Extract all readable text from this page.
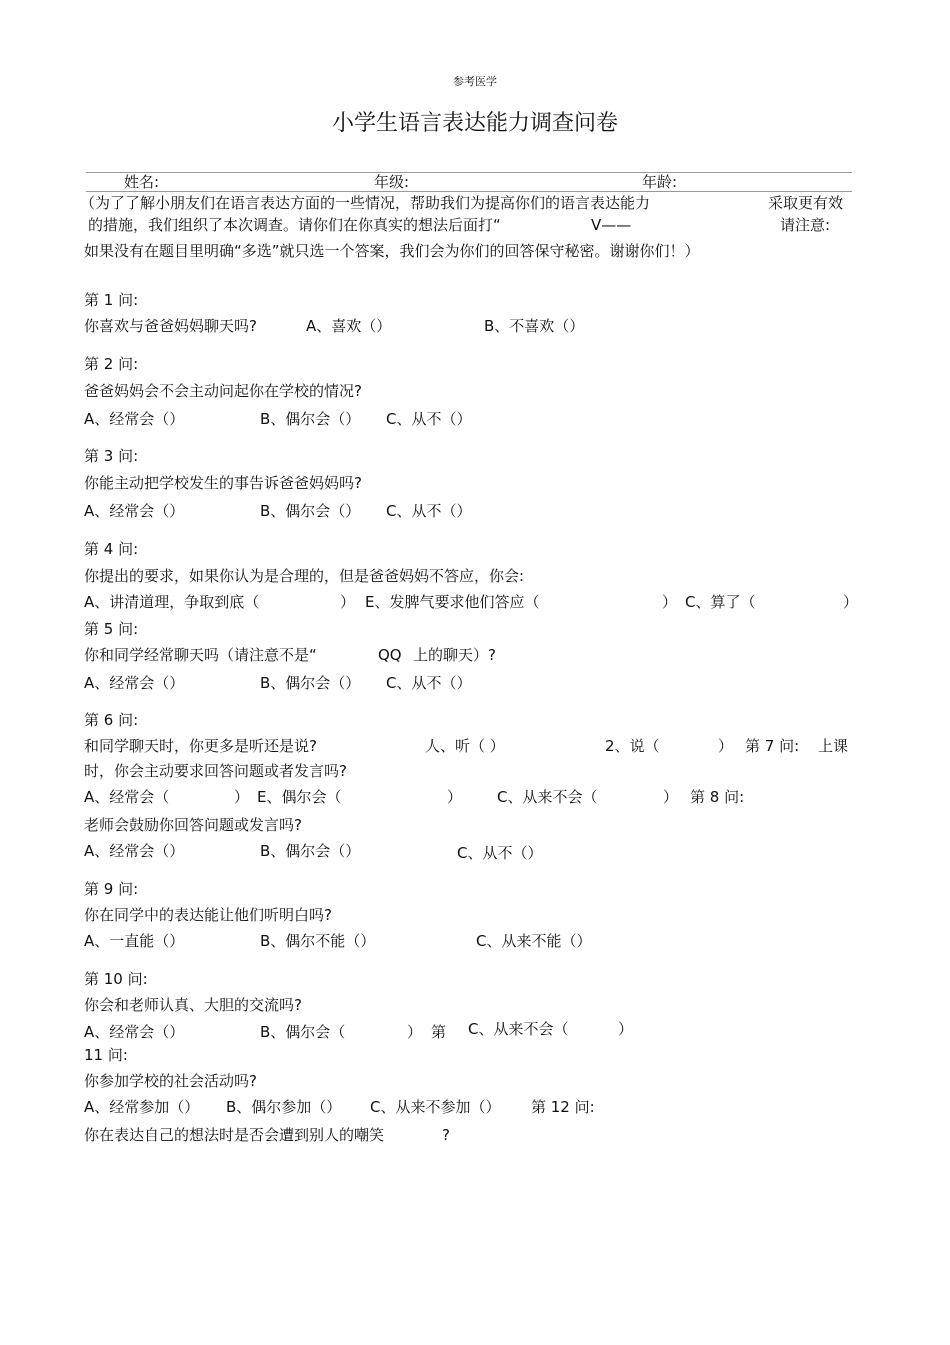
参考医学
小学生语言表达能力调查问卷
姓名:	年级:	年龄:
（为了了解小朋友们在语言表达方面的一些情况，帮助我们为提高你们的语言表达能力	采取更有效
的措施，我们组织了本次调查。请你们在你真实的想法后面打“	V——	请注意:
如果没有在题目里明确“多选”就只选一个答案，我们会为你们的回答保守秘密。谢谢你们！）
第 1 问:
你喜欢与爸爸妈妈聊天吗?	A、喜欢（）	B、不喜欢（）
第 2 问:
爸爸妈妈会不会主动问起你在学校的情况?
A、经常会（）	B、偶尔会（） C、从不（）
第 3 问:
你能主动把学校发生的事告诉爸爸妈妈吗?
A、经常会（）	B、偶尔会（） C、从不（）
第 4 问:
你提出的要求，如果你认为是合理的，但是爸爸妈妈不答应，你会:
A、讲清道理，争取到底（	） E、发脾气要求他们答应（	） C、算了（	）
第 5 问:
你和同学经常聊天吗（请注意不是“	QQ 上的聊天）?
A、经常会（）	B、偶尔会（） C、从不（）
第 6 问:
和同学聊天时，你更多是听还是说?	人、听（ ）	2、说（	） 第 7 问: 上课
时，你会主动要求回答问题或者发言吗?
A、经常会（	） E、偶尔会（	） C、从来不会（	） 第 8 问:
老师会鼓励你回答问题或发言吗?
A、经常会（）	B、偶尔会（）	C、从不（）
第 9 问:
你在同学中的表达能让他们听明白吗?
A、一直能（）	B、偶尔不能（）	C、从来不能（）
第 10 问:
你会和老师认真、大胆的交流吗?
A、经常会（）	B、偶尔会（	） 第 C、从来不会（	）
11 问:
你参加学校的社会活动吗?
A、经常参加（） B、偶尔参加（） C、从来不参加（） 第 12 问:
你在表达自己的想法时是否会遭到别人的嘲笑	?
